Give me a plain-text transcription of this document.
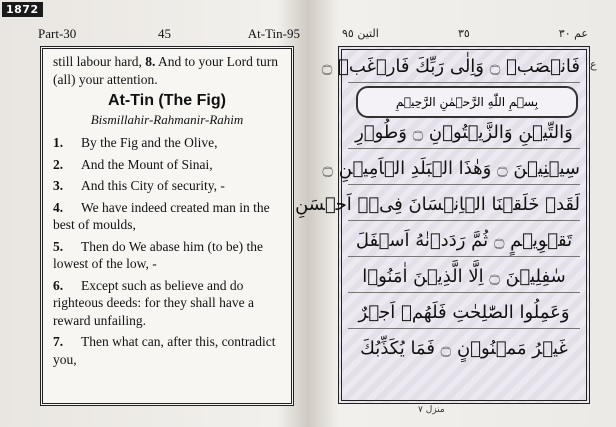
1872
Part-30	45	At-Tin-95

still labour hard, 8. And to your Lord turn (all) your attention.

At-Tin (The Fig)
Bismillahir-Rahmanir-Rahim

1. By the Fig and the Olive,

2. And the Mount of Sinai,

3. And this City of security, -

4. We have indeed created man in the best of moulds,

5. Then do We abase him (to be) the lowest of the low, -

6. Except such as believe and do righteous deeds: for they shall have a reward unfailing.

7. Then what can, after this, contradict you,

التين ٩٥	٣٥	عم ٣٠
فَانۡصَبۡ ۝ وَاِلٰى رَبِّكَ فَارۡغَبۡ ۝
بِسۡمِ اللّٰهِ الرَّحۡمٰنِ الرَّحِيۡمِ
وَالتِّيۡنِ وَالزَّيۡتُوۡنِ ۝ وَطُوۡرِ
سِيۡنِيۡنَ ۝ وَهٰذَا الۡبَلَدِ الۡاَمِيۡنِ ۝
لَقَدۡ خَلَقۡنَا الۡاِنۡسَانَ فِىۡۤ اَحۡسَنِ
تَقۡوِيۡمٍ ۝ ثُمَّ رَدَدۡنٰهُ اَسۡفَلَ
سٰفِلِيۡنَ ۝ اِلَّا الَّذِيۡنَ اٰمَنُوۡا
وَعَمِلُوا الصّٰلِحٰتِ فَلَهُمۡ اَجۡرٌ
غَيۡرُ مَمۡنُوۡنٍ ۝ فَمَا يُكَذِّبُكَ
ع
منزل ٧
